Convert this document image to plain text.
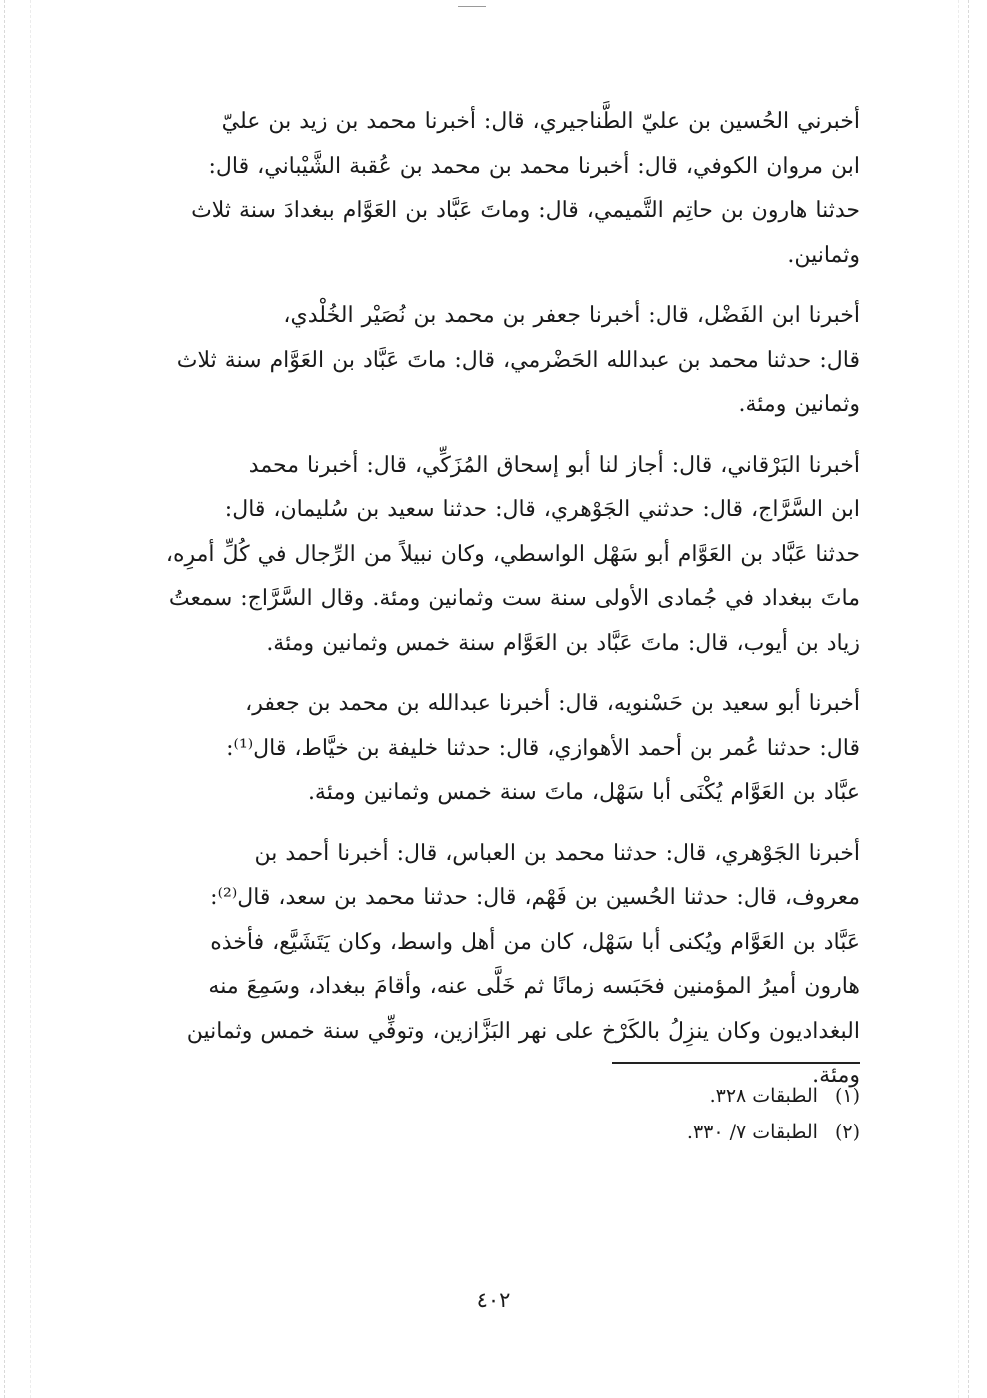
أخبرني الحُسين بن عليّ الطَّناجيري، قال: أخبرنا محمد بن زيد بن عليّ
ابن مروان الكوفي، قال: أخبرنا محمد بن محمد بن عُقبة الشَّيْباني، قال:
حدثنا هارون بن حاتِم التَّميمي، قال: وماتَ عَبَّاد بن العَوَّام ببغدادَ سنة ثلاث
وثمانين.

أخبرنا ابن الفَضْل، قال: أخبرنا جعفر بن محمد بن نُصَيْر الخُلْدي،
قال: حدثنا محمد بن عبدالله الحَضْرمي، قال: ماتَ عَبَّاد بن العَوَّام سنة ثلاث
وثمانين ومئة.

أخبرنا البَرْقاني، قال: أجاز لنا أبو إسحاق المُزَكِّي، قال: أخبرنا محمد
ابن السَّرَّاج، قال: حدثني الجَوْهري، قال: حدثنا سعيد بن سُليمان، قال:
حدثنا عَبَّاد بن العَوَّام أبو سَهْل الواسطي، وكان نبيلاً من الرِّجال في كُلِّ أمرِه،
ماتَ ببغداد في جُمادى الأولى سنة ست وثمانين ومئة. وقال السَّرَّاج: سمعتُ
زياد بن أيوب، قال: ماتَ عَبَّاد بن العَوَّام سنة خمس وثمانين ومئة.

أخبرنا أبو سعيد بن حَسْنويه، قال: أخبرنا عبدالله بن محمد بن جعفر،
قال: حدثنا عُمر بن أحمد الأهوازي، قال: حدثنا خليفة بن خيَّاط، قال⁽¹⁾:
عبَّاد بن العَوَّام يُكْنَى أبا سَهْل، ماتَ سنة خمس وثمانين ومئة.

أخبرنا الجَوْهري، قال: حدثنا محمد بن العباس، قال: أخبرنا أحمد بن
معروف، قال: حدثنا الحُسين بن فَهْم، قال: حدثنا محمد بن سعد، قال⁽²⁾:
عَبَّاد بن العَوَّام ويُكنى أبا سَهْل، كان من أهل واسط، وكان يَتَشَيَّع، فأخذه
هارون أميرُ المؤمنين فحَبَسه زمانًا ثم خَلَّى عنه، وأقامَ ببغداد، وسَمِعَ منه
البغداديون وكان ينزِلُ بالكَرْخ على نهر البَزَّازين، وتوفِّي سنة خمس وثمانين
ومئة.

(١) الطبقات ٣٢٨.
(٢) الطبقات ٧/ ٣٣٠.
٤٠٢
